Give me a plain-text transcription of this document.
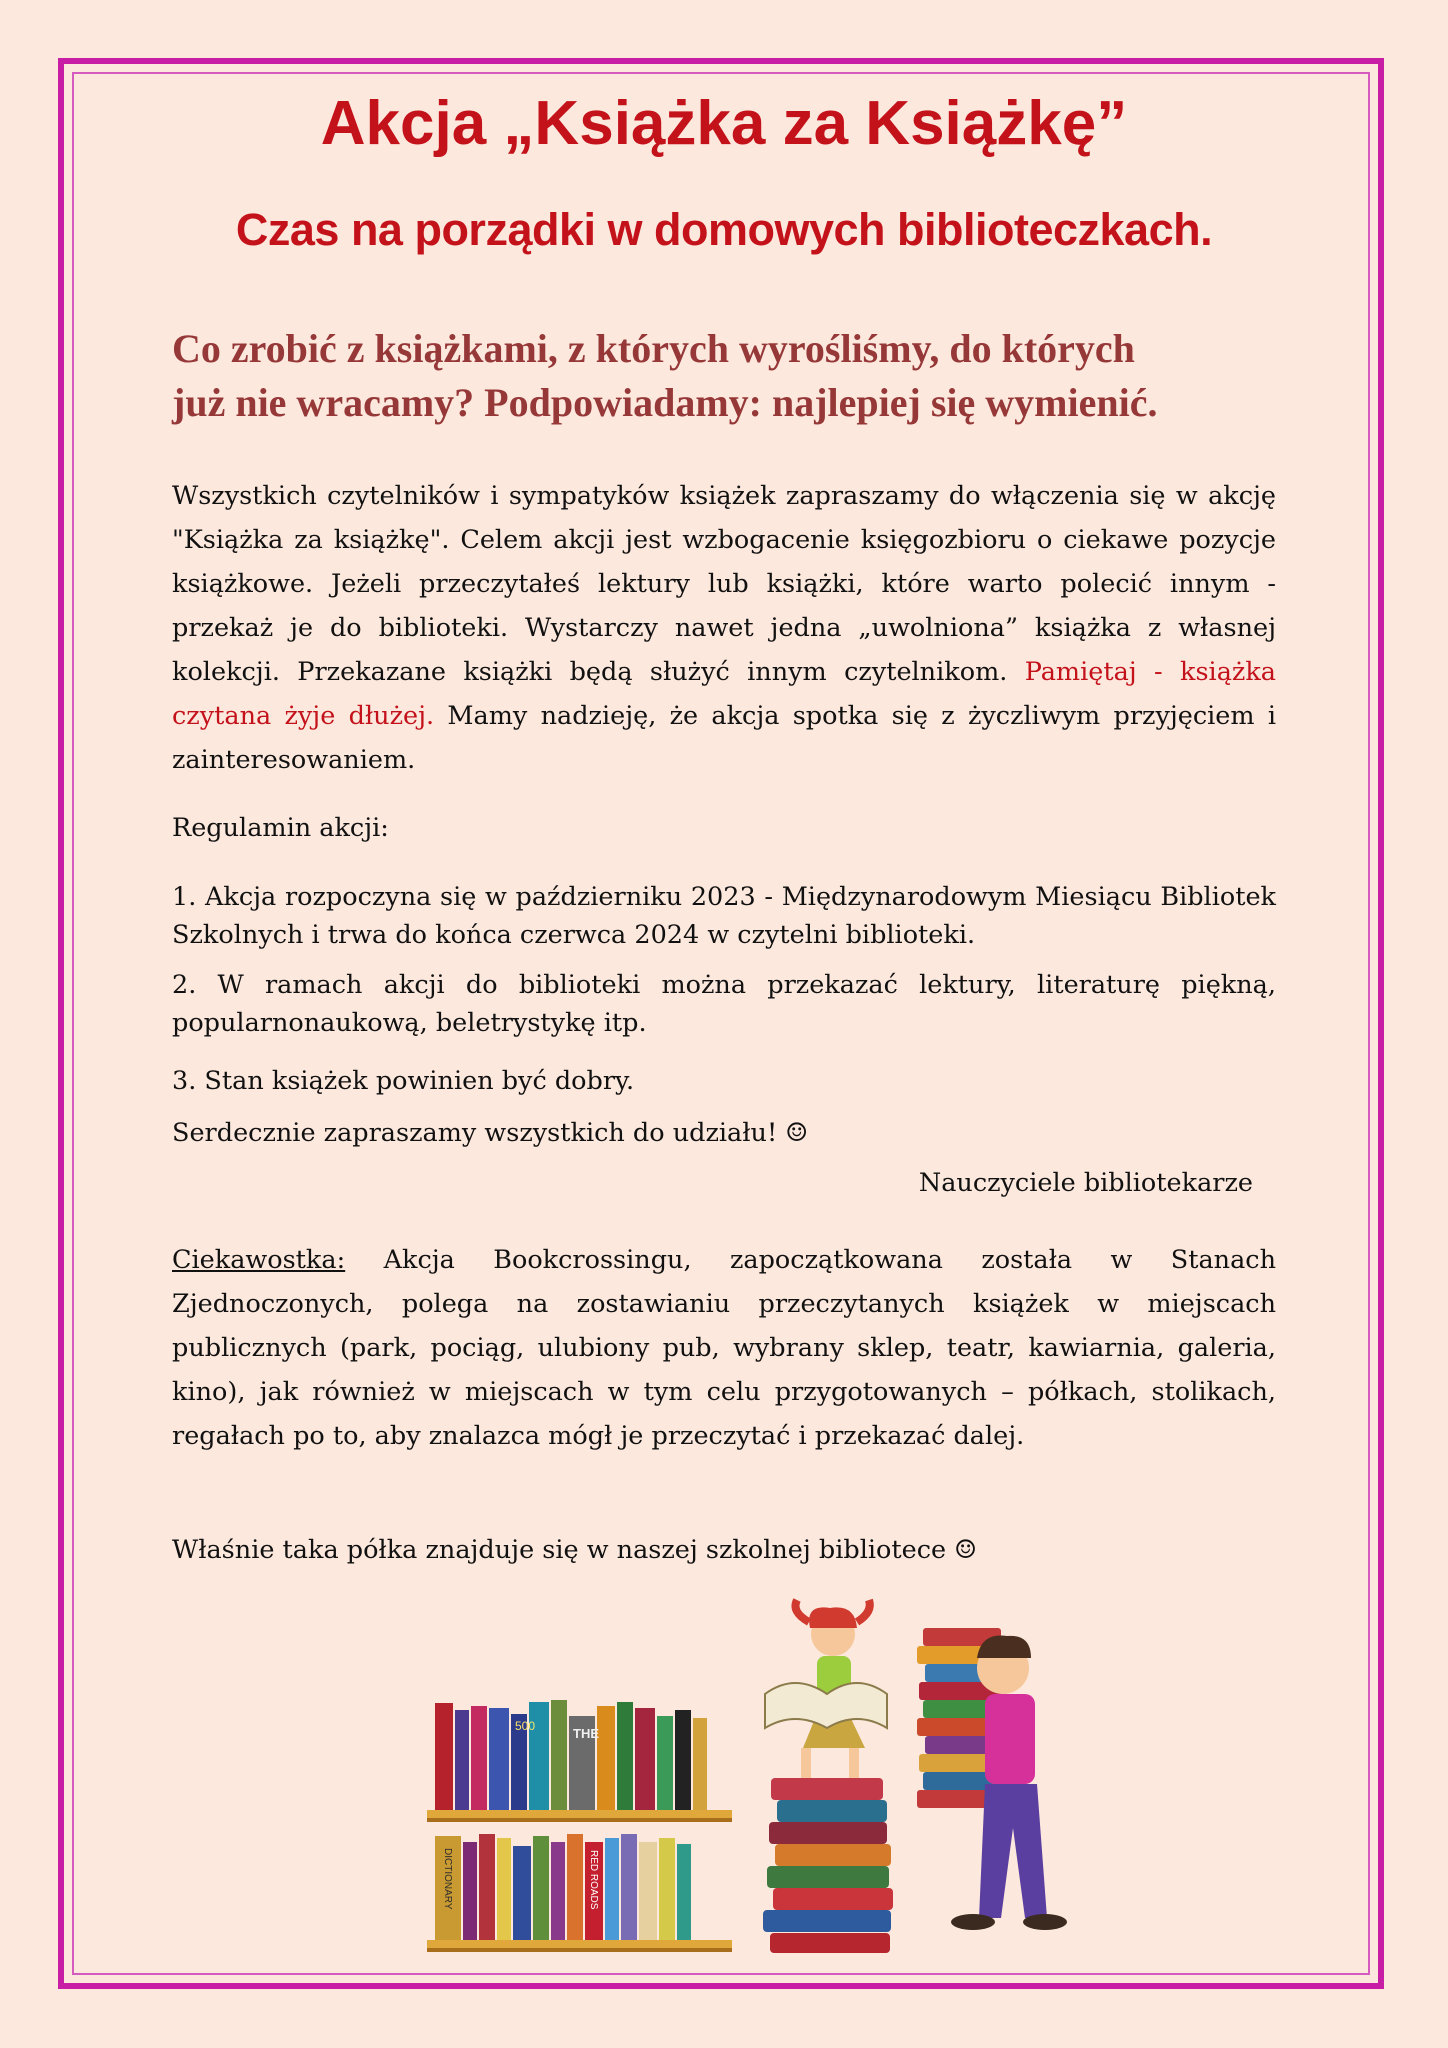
Akcja „Książka za Książkę”
Czas na porządki w domowych biblioteczkach.

Co zrobić z książkami, z których wyrośliśmy, do których
już nie wracamy? Podpowiadamy: najlepiej się wymienić.

Wszystkich czytelników i sympatyków książek zapraszamy do włączenia się w akcję "Książka za książkę". Celem akcji jest wzbogacenie księgozbioru o ciekawe pozycje książkowe. Jeżeli przeczytałeś lektury lub książki, które warto polecić innym - przekaż je do biblioteki. Wystarczy nawet jedna „uwolniona” książka z własnej kolekcji. Przekazane książki będą służyć innym czytelnikom. Pamiętaj - książka czytana żyje dłużej. Mamy nadzieję, że akcja spotka się z życzliwym przyjęciem i zainteresowaniem.

Regulamin akcji:

1. Akcja rozpoczyna się w październiku 2023 - Międzynarodowym Miesiącu Bibliotek Szkolnych i trwa do końca czerwca 2024 w czytelni biblioteki.

2. W ramach akcji do biblioteki można przekazać lektury, literaturę piękną, popularnonaukową, beletrystykę itp.

3. Stan książek powinien być dobry.

Serdecznie zapraszamy wszystkich do udziału! ☺

Nauczyciele bibliotekarze

Ciekawostka: Akcja Bookcrossingu, zapoczątkowana została w Stanach Zjednoczonych, polega na zostawianiu przeczytanych książek w miejscach publicznych (park, pociąg, ulubiony pub, wybrany sklep, teatr, kawiarnia, galeria, kino), jak również w miejscach w tym celu przygotowanych – półkach, stolikach, regałach po to, aby znalazca mógł je przeczytać i przekazać dalej.

Właśnie taka półka znajduje się w naszej szkolnej bibliotece ☺

500	THE
DICTIONARY	RED ROADS
